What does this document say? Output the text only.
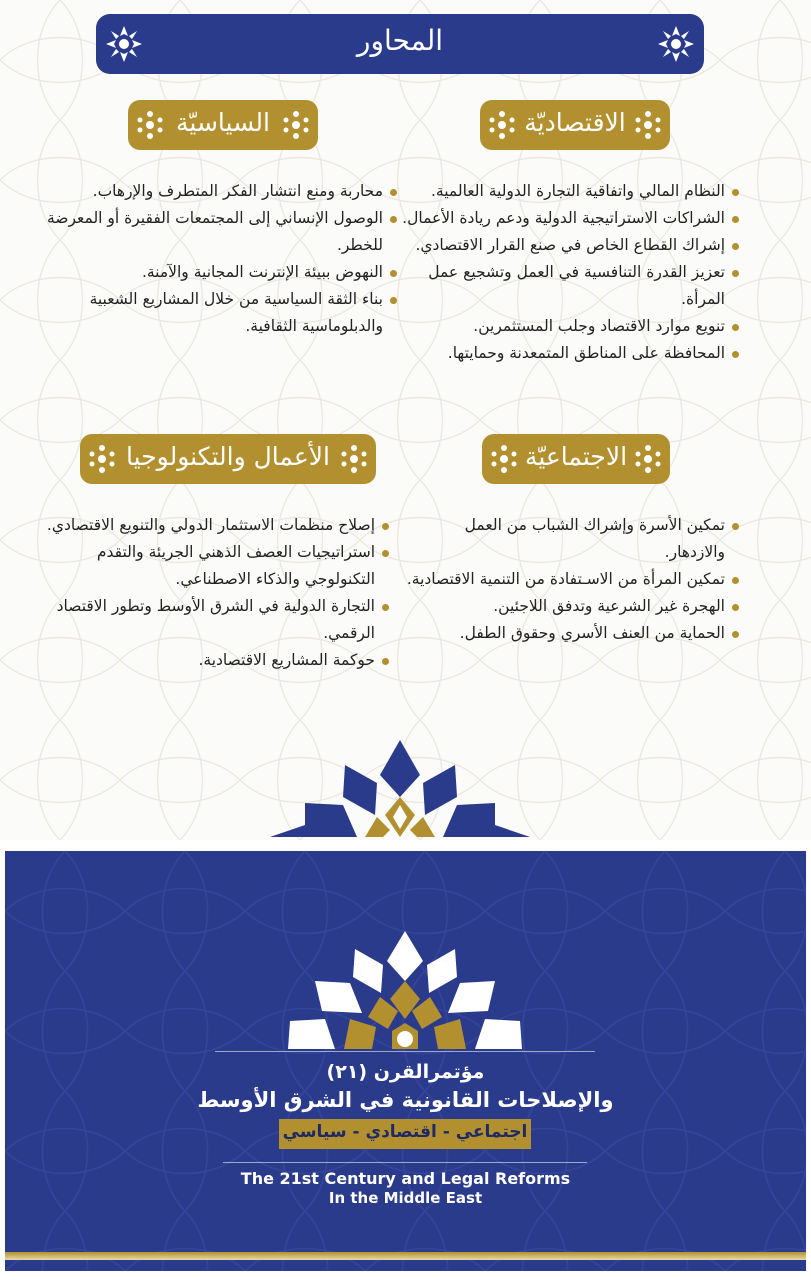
المحاور
الاقتصاديّة
النظام المالي واتفاقية التجارة الدولية العالمية.
الشراكات الاستراتيجية الدولية ودعم ريادة الأعمال.
إشراك القطاع الخاص في صنع القرار الاقتصادي.
تعزيز القدرة التنافسية في العمل وتشجيع عمل المرأة.
تنويع موارد الاقتصاد وجلب المستثمرين.
المحافظة على المناطق المتمعدنة وحمايتها.
السياسيّة
محاربة ومنع انتشار الفكر المتطرف والإرهاب.
الوصول الإنساني إلى المجتمعات الفقيرة أو المعرضة للخطر.
النهوض ببيئة الإنترنت المجانية والآمنة.
بناء الثقة السياسية من خلال المشاريع الشعبية والدبلوماسية الثقافية.
الاجتماعيّة
تمكين الأسرة وإشراك الشباب من العمل والازدهار.
تمكين المرأة من الاسـتفادة من التنمية الاقتصادية.
الهجرة غير الشرعية وتدفق اللاجئين.
الحماية من العنف الأسري وحقوق الطفل.
الأعمال والتكنولوجيا
إصلاح منظمات الاستثمار الدولي والتنويع الاقتصادي.
استراتيجيات العصف الذهني الجريئة والتقدم التكنولوجي والذكاء الاصطناعي.
التجارة الدولية في الشرق الأوسط وتطور الاقتصاد الرقمي.
حوكمة المشاريع الاقتصادية.
مؤتمرالقرن (٢١)
والإصلاحات القانونية في الشرق الأوسط
اجتماعي - اقتصادي - سياسي
The 21st Century and Legal Reforms
In the Middle East
